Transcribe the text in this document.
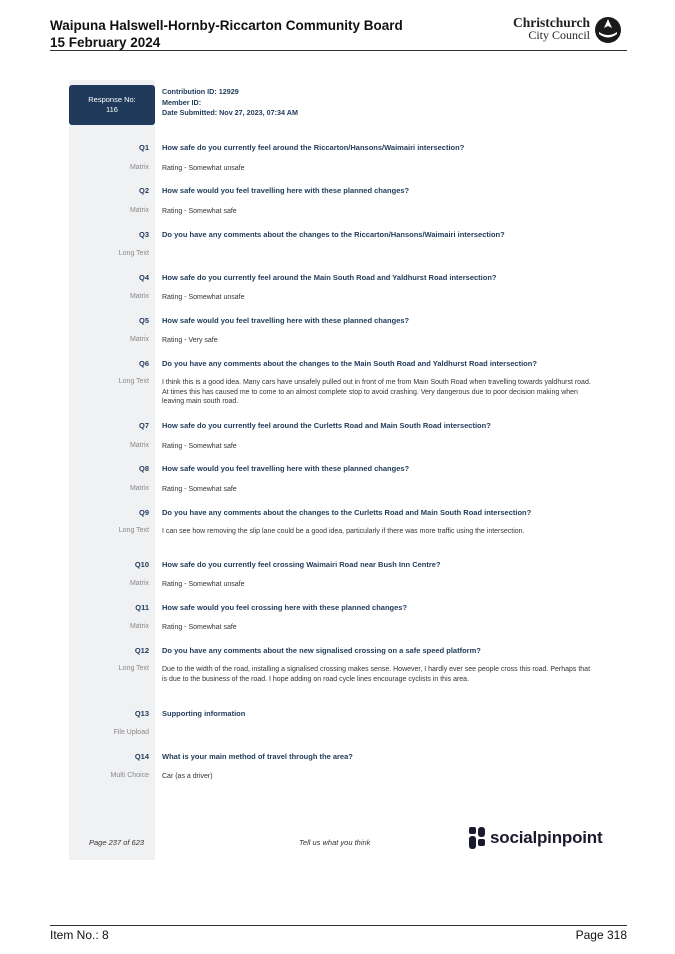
Waipuna Halswell-Hornby-Riccarton Community Board
15 February 2024
Christchurch
City Council
Response No:
116
Contribution ID: 12929
Member ID:
Date Submitted: Nov 27, 2023, 07:34 AM
Q1 How safe do you currently feel around the Riccarton/Hansons/Waimairi intersection?
Matrix Rating - Somewhat unsafe
Q2 How safe would you feel travelling here with these planned changes?
Matrix Rating - Somewhat safe
Q3 Do you have any comments about the changes to the Riccarton/Hansons/Waimairi intersection?
Long Text
Q4 How safe do you currently feel around the Main South Road and Yaldhurst Road intersection?
Matrix Rating - Somewhat unsafe
Q5 How safe would you feel travelling here with these planned changes?
Matrix Rating - Very safe
Q6 Do you have any comments about the changes to the Main South Road and Yaldhurst Road intersection?
Long Text I think this is a good idea. Many cars have unsafely pulled out in front of me from Main South Road when travelling towards yaldhurst road. At times this has caused me to come to an almost complete stop to avoid crashing. Very dangerous due to poor decision making when leaving main south road.
Q7 How safe do you currently feel around the Curletts Road and Main South Road intersection?
Matrix Rating - Somewhat safe
Q8 How safe would you feel travelling here with these planned changes?
Matrix Rating - Somewhat safe
Q9 Do you have any comments about the changes to the Curletts Road and Main South Road intersection?
Long Text I can see how removing the slip lane could be a good idea, particularly if there was more traffic using the intersection.
Q10 How safe do you currently feel crossing Waimairi Road near Bush Inn Centre?
Matrix Rating - Somewhat unsafe
Q11 How safe would you feel crossing here with these planned changes?
Matrix Rating - Somewhat safe
Q12 Do you have any comments about the new signalised crossing on a safe speed platform?
Long Text Due to the width of the road, installing a signalised crossing makes sense. However, I hardly ever see people cross this road. Perhaps that is due to the business of the road. I hope adding on road cycle lines encourage cyclists in this area.
Q13 Supporting information
File Upload
Q14 What is your main method of travel through the area?
Multi Choice Car (as a driver)
Page 237 of 623	Tell us what you think	socialpinpoint
Item No.: 8	Page 318
